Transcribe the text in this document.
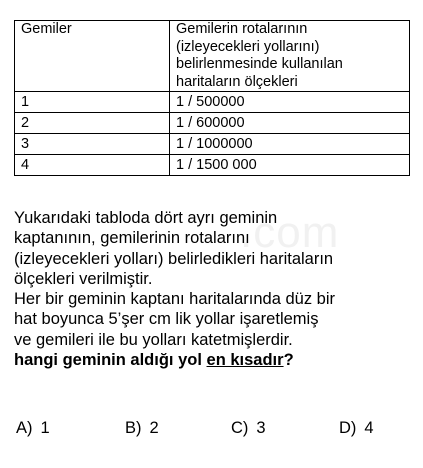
.com
Gemiler	Gemilerin rotalarının
(izleyecekleri yollarını)
belirlenmesinde kullanılan
haritaların ölçekleri

1	1 / 500000
2	1 / 600000
3	1 / 1000000
4	1 / 1500 000
Yukarıdaki tabloda dört ayrı geminin
kaptanının, gemilerinin rotalarını
(izleyecekleri yolları) belirledikleri haritaların
ölçekleri verilmiştir.
Her bir geminin kaptanı haritalarında düz bir
hat boyunca 5’şer cm lik yollar işaretlemiş
ve gemileri ile bu yolları katetmişlerdir.
hangi geminin aldığı yol en kısadır?
A) 1	B) 2	C) 3	D) 4
